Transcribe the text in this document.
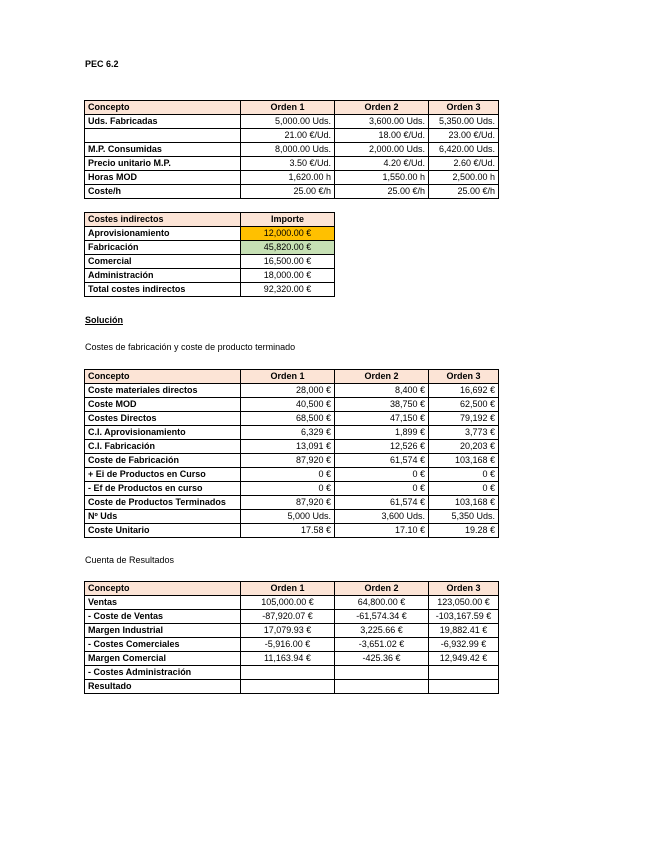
PEC 6.2
Concepto	Orden 1	Orden 2	Orden 3
Uds. Fabricadas	5,000.00 Uds.	3,600.00 Uds.	5,350.00 Uds.
	21.00 €/Ud.	18.00 €/Ud.	23.00 €/Ud.
M.P. Consumidas	8,000.00 Uds.	2,000.00 Uds.	6,420.00 Uds.
Precio unitario M.P.	3.50 €/Ud.	4.20 €/Ud.	2.60 €/Ud.
Horas MOD	1,620.00 h	1,550.00 h	2,500.00 h
Coste/h	25.00 €/h	25.00 €/h	25.00 €/h
Costes indirectos	Importe
Aprovisionamiento	12,000.00 €
Fabricación	45,820.00 €
Comercial	16,500.00 €
Administración	18,000.00 €
Total costes indirectos	92,320.00 €
Solución
Costes de fabricación y coste de producto terminado
Concepto	Orden 1	Orden 2	Orden 3
Coste materiales directos	28,000 €	8,400 €	16,692 €
Coste MOD	40,500 €	38,750 €	62,500 €
Costes Directos	68,500 €	47,150 €	79,192 €
C.I. Aprovisionamiento	6,329 €	1,899 €	3,773 €
C.I. Fabricación	13,091 €	12,526 €	20,203 €
Coste de Fabricación	87,920 €	61,574 €	103,168 €
+ Ei de Productos en Curso	0 €	0 €	0 €
- Ef de Productos en curso	0 €	0 €	0 €
Coste de Productos Terminados	87,920 €	61,574 €	103,168 €
Nº Uds	5,000 Uds.	3,600 Uds.	5,350 Uds.
Coste Unitario	17.58 €	17.10 €	19.28 €
Cuenta de Resultados
Concepto	Orden 1	Orden 2	Orden 3
Ventas	105,000.00 €	64,800.00 €	123,050.00 €
- Coste de Ventas	-87,920.07 €	-61,574.34 €	-103,167.59 €
Margen Industrial	17,079.93 €	3,225.66 €	19,882.41 €
- Costes Comerciales	-5,916.00 €	-3,651.02 €	-6,932.99 €
Margen Comercial	11,163.94 €	-425.36 €	12,949.42 €
- Costes Administración			
Resultado			
